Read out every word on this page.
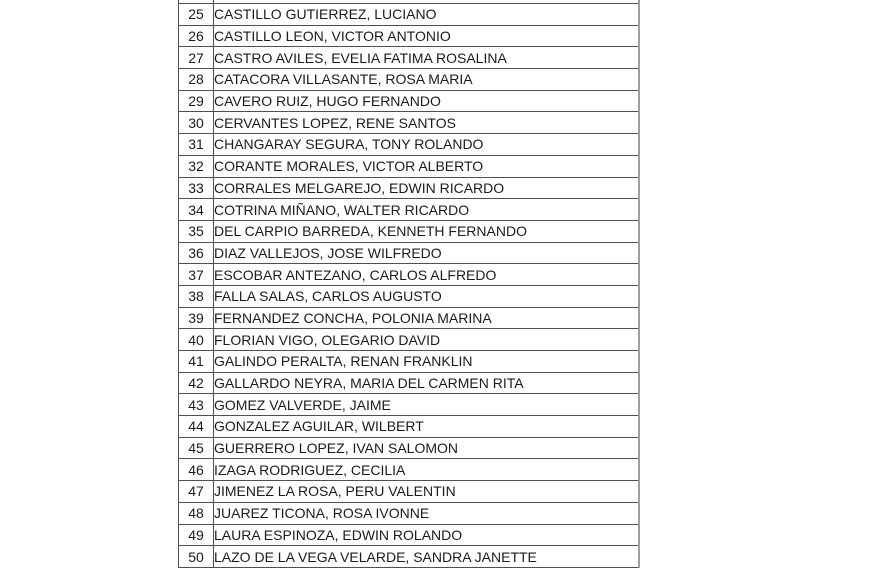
25	CASTILLO GUTIERREZ, LUCIANO
26	CASTILLO LEON, VICTOR ANTONIO
27	CASTRO AVILES, EVELIA FATIMA ROSALINA
28	CATACORA VILLASANTE, ROSA MARIA
29	CAVERO RUIZ, HUGO FERNANDO
30	CERVANTES LOPEZ, RENE SANTOS
31	CHANGARAY SEGURA, TONY ROLANDO
32	CORANTE MORALES, VICTOR ALBERTO
33	CORRALES MELGAREJO, EDWIN RICARDO
34	COTRINA MIÑANO, WALTER RICARDO
35	DEL CARPIO BARREDA, KENNETH FERNANDO
36	DIAZ VALLEJOS, JOSE WILFREDO
37	ESCOBAR ANTEZANO, CARLOS ALFREDO
38	FALLA SALAS, CARLOS AUGUSTO
39	FERNANDEZ CONCHA, POLONIA MARINA
40	FLORIAN VIGO, OLEGARIO DAVID
41	GALINDO PERALTA, RENAN FRANKLIN
42	GALLARDO NEYRA, MARIA DEL CARMEN RITA
43	GOMEZ VALVERDE, JAIME
44	GONZALEZ AGUILAR, WILBERT
45	GUERRERO LOPEZ, IVAN SALOMON
46	IZAGA RODRIGUEZ, CECILIA
47	JIMENEZ LA ROSA, PERU VALENTIN
48	JUAREZ TICONA, ROSA IVONNE
49	LAURA ESPINOZA, EDWIN ROLANDO
50	LAZO DE LA VEGA VELARDE, SANDRA JANETTE
